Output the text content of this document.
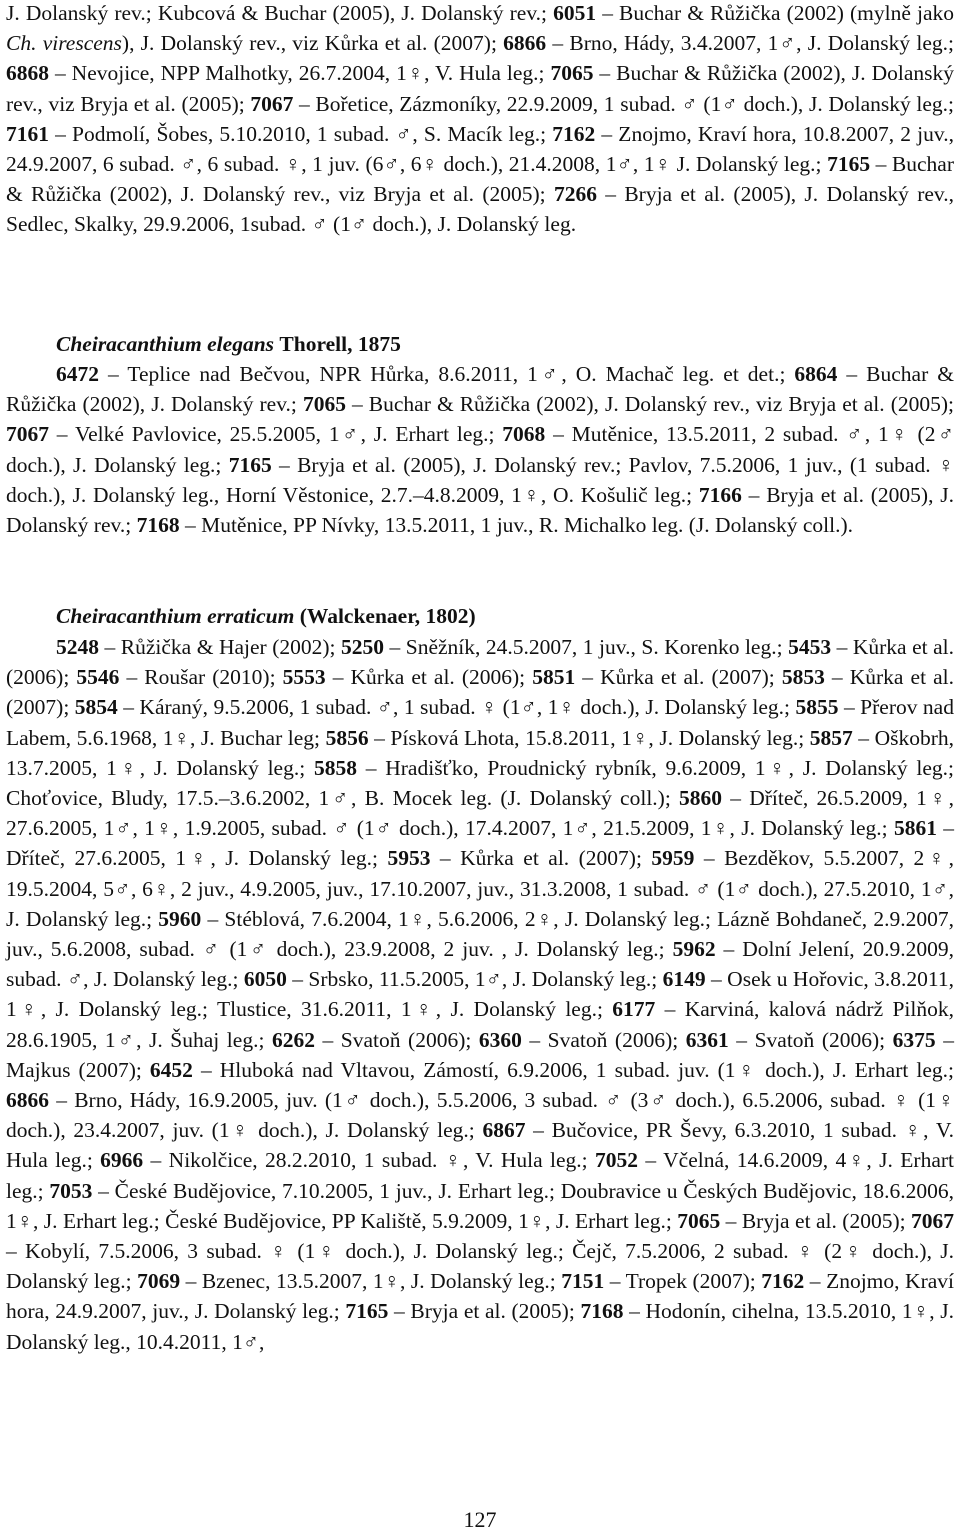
J. Dolanský rev.; Kubcová & Buchar (2005), J. Dolanský rev.; 6051 – Buchar & Růžička (2002) (mylně jako Ch. virescens), J. Dolanský rev., viz Kůrka et al. (2007); 6866 – Brno, Hády, 3.4.2007, 1♂, J. Dolanský leg.; 6868 – Nevojice, NPP Malhotky, 26.7.2004, 1♀, V. Hula leg.; 7065 – Buchar & Růžička (2002), J. Dolanský rev., viz Bryja et al. (2005); 7067 – Bořetice, Zázmoníky, 22.9.2009, 1 subad. ♂ (1♂ doch.), J. Dolanský leg.; 7161 – Podmolí, Šobes, 5.10.2010, 1 subad. ♂, S. Macík leg.; 7162 – Znojmo, Kraví hora, 10.8.2007, 2 juv., 24.9.2007, 6 subad. ♂, 6 subad. ♀, 1 juv. (6♂, 6♀ doch.), 21.4.2008, 1♂, 1♀ J. Dolanský leg.; 7165 – Buchar & Růžička (2002), J. Dolanský rev., viz Bryja et al. (2005); 7266 – Bryja et al. (2005), J. Dolanský rev., Sedlec, Skalky, 29.9.2006, 1subad. ♂ (1♂ doch.), J. Dolanský leg.

Cheiracanthium elegans Thorell, 1875

6472 – Teplice nad Bečvou, NPR Hůrka, 8.6.2011, 1♂, O. Machač leg. et det.; 6864 – Buchar & Růžička (2002), J. Dolanský rev.; 7065 – Buchar & Růžička (2002), J. Dolanský rev., viz Bryja et al. (2005); 7067 – Velké Pavlovice, 25.5.2005, 1♂, J. Erhart leg.; 7068 – Mutěnice, 13.5.2011, 2 subad. ♂, 1♀ (2♂ doch.), J. Dolanský leg.; 7165 – Bryja et al. (2005), J. Dolanský rev.; Pavlov, 7.5.2006, 1 juv., (1 subad. ♀ doch.), J. Dolanský leg., Horní Věstonice, 2.7.–4.8.2009, 1♀, O. Košulič leg.; 7166 – Bryja et al. (2005), J. Dolanský rev.; 7168 – Mutěnice, PP Nívky, 13.5.2011, 1 juv., R. Michalko leg. (J. Dolanský coll.).

Cheiracanthium erraticum (Walckenaer, 1802)

5248 – Růžička & Hajer (2002); 5250 – Sněžník, 24.5.2007, 1 juv., S. Korenko leg.; 5453 – Kůrka et al. (2006); 5546 – Roušar (2010); 5553 – Kůrka et al. (2006); 5851 – Kůrka et al. (2007); 5853 – Kůrka et al. (2007); 5854 – Káraný, 9.5.2006, 1 subad. ♂, 1 subad. ♀ (1♂, 1♀ doch.), J. Dolanský leg.; 5855 – Přerov nad Labem, 5.6.1968, 1♀, J. Buchar leg; 5856 – Písková Lhota, 15.8.2011, 1♀, J. Dolanský leg.; 5857 – Oškobrh, 13.7.2005, 1♀, J. Dolanský leg.; 5858 – Hradišťko, Proudnický rybník, 9.6.2009, 1♀, J. Dolanský leg.; Choťovice, Bludy, 17.5.–3.6.2002, 1♂, B. Mocek leg. (J. Dolanský coll.); 5860 – Dříteč, 26.5.2009, 1♀, 27.6.2005, 1♂, 1♀, 1.9.2005, subad. ♂ (1♂ doch.), 17.4.2007, 1♂, 21.5.2009, 1♀, J. Dolanský leg.; 5861 – Dříteč, 27.6.2005, 1♀, J. Dolanský leg.; 5953 – Kůrka et al. (2007); 5959 – Bezděkov, 5.5.2007, 2♀, 19.5.2004, 5♂, 6♀, 2 juv., 4.9.2005, juv., 17.10.2007, juv., 31.3.2008, 1 subad. ♂ (1♂ doch.), 27.5.2010, 1♂, J. Dolanský leg.; 5960 – Stéblová, 7.6.2004, 1♀, 5.6.2006, 2♀, J. Dolanský leg.; Lázně Bohdaneč, 2.9.2007, juv., 5.6.2008, subad. ♂ (1♂ doch.), 23.9.2008, 2 juv. , J. Dolanský leg.; 5962 – Dolní Jelení, 20.9.2009, subad. ♂, J. Dolanský leg.; 6050 – Srbsko, 11.5.2005, 1♂, J. Dolanský leg.; 6149 – Osek u Hořovic, 3.8.2011, 1♀, J. Dolanský leg.; Tlustice, 31.6.2011, 1♀, J. Dolanský leg.; 6177 – Karviná, kalová nádrž Pilňok, 28.6.1905, 1♂, J. Šuhaj leg.; 6262 – Svatoň (2006); 6360 – Svatoň (2006); 6361 – Svatoň (2006); 6375 – Majkus (2007); 6452 – Hluboká nad Vltavou, Zámostí, 6.9.2006, 1 subad. juv. (1♀ doch.), J. Erhart leg.; 6866 – Brno, Hády, 16.9.2005, juv. (1♂ doch.), 5.5.2006, 3 subad. ♂ (3♂ doch.), 6.5.2006, subad. ♀ (1♀ doch.), 23.4.2007, juv. (1♀ doch.), J. Dolanský leg.; 6867 – Bučovice, PR Ševy, 6.3.2010, 1 subad. ♀, V. Hula leg.; 6966 – Nikolčice, 28.2.2010, 1 subad. ♀, V. Hula leg.; 7052 – Včelná, 14.6.2009, 4♀, J. Erhart leg.; 7053 – České Budějovice, 7.10.2005, 1 juv., J. Erhart leg.; Doubravice u Českých Budějovic, 18.6.2006, 1♀, J. Erhart leg.; České Budějovice, PP Kaliště, 5.9.2009, 1♀, J. Erhart leg.; 7065 – Bryja et al. (2005); 7067 – Kobylí, 7.5.2006, 3 subad. ♀ (1♀ doch.), J. Dolanský leg.; Čejč, 7.5.2006, 2 subad. ♀ (2♀ doch.), J. Dolanský leg.; 7069 – Bzenec, 13.5.2007, 1♀, J. Dolanský leg.; 7151 – Tropek (2007); 7162 – Znojmo, Kraví hora, 24.9.2007, juv., J. Dolanský leg.; 7165 – Bryja et al. (2005); 7168 – Hodonín, cihelna, 13.5.2010, 1♀, J. Dolanský leg., 10.4.2011, 1♂,

127
